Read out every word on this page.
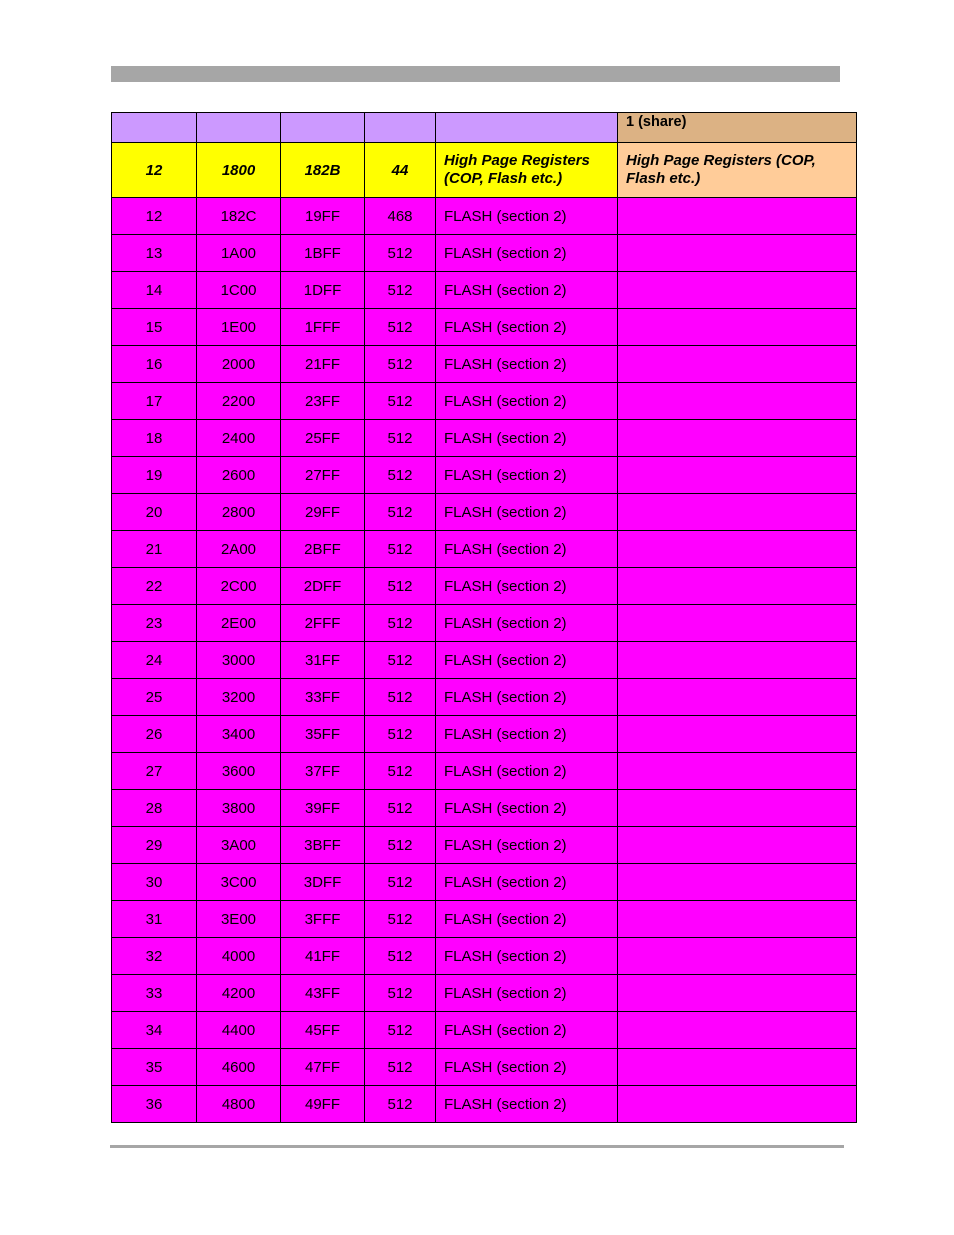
					1 (share)
12	1800	182B	44	High Page Registers (COP, Flash etc.)	High Page Registers (COP, Flash etc.)
12	182C	19FF	468	FLASH (section 2)	
13	1A00	1BFF	512	FLASH (section 2)	
14	1C00	1DFF	512	FLASH (section 2)	
15	1E00	1FFF	512	FLASH (section 2)	
16	2000	21FF	512	FLASH (section 2)	
17	2200	23FF	512	FLASH (section 2)	
18	2400	25FF	512	FLASH (section 2)	
19	2600	27FF	512	FLASH (section 2)	
20	2800	29FF	512	FLASH (section 2)	
21	2A00	2BFF	512	FLASH (section 2)	
22	2C00	2DFF	512	FLASH (section 2)	
23	2E00	2FFF	512	FLASH (section 2)	
24	3000	31FF	512	FLASH (section 2)	
25	3200	33FF	512	FLASH (section 2)	
26	3400	35FF	512	FLASH (section 2)	
27	3600	37FF	512	FLASH (section 2)	
28	3800	39FF	512	FLASH (section 2)	
29	3A00	3BFF	512	FLASH (section 2)	
30	3C00	3DFF	512	FLASH (section 2)	
31	3E00	3FFF	512	FLASH (section 2)	
32	4000	41FF	512	FLASH (section 2)	
33	4200	43FF	512	FLASH (section 2)	
34	4400	45FF	512	FLASH (section 2)	
35	4600	47FF	512	FLASH (section 2)	
36	4800	49FF	512	FLASH (section 2)	
